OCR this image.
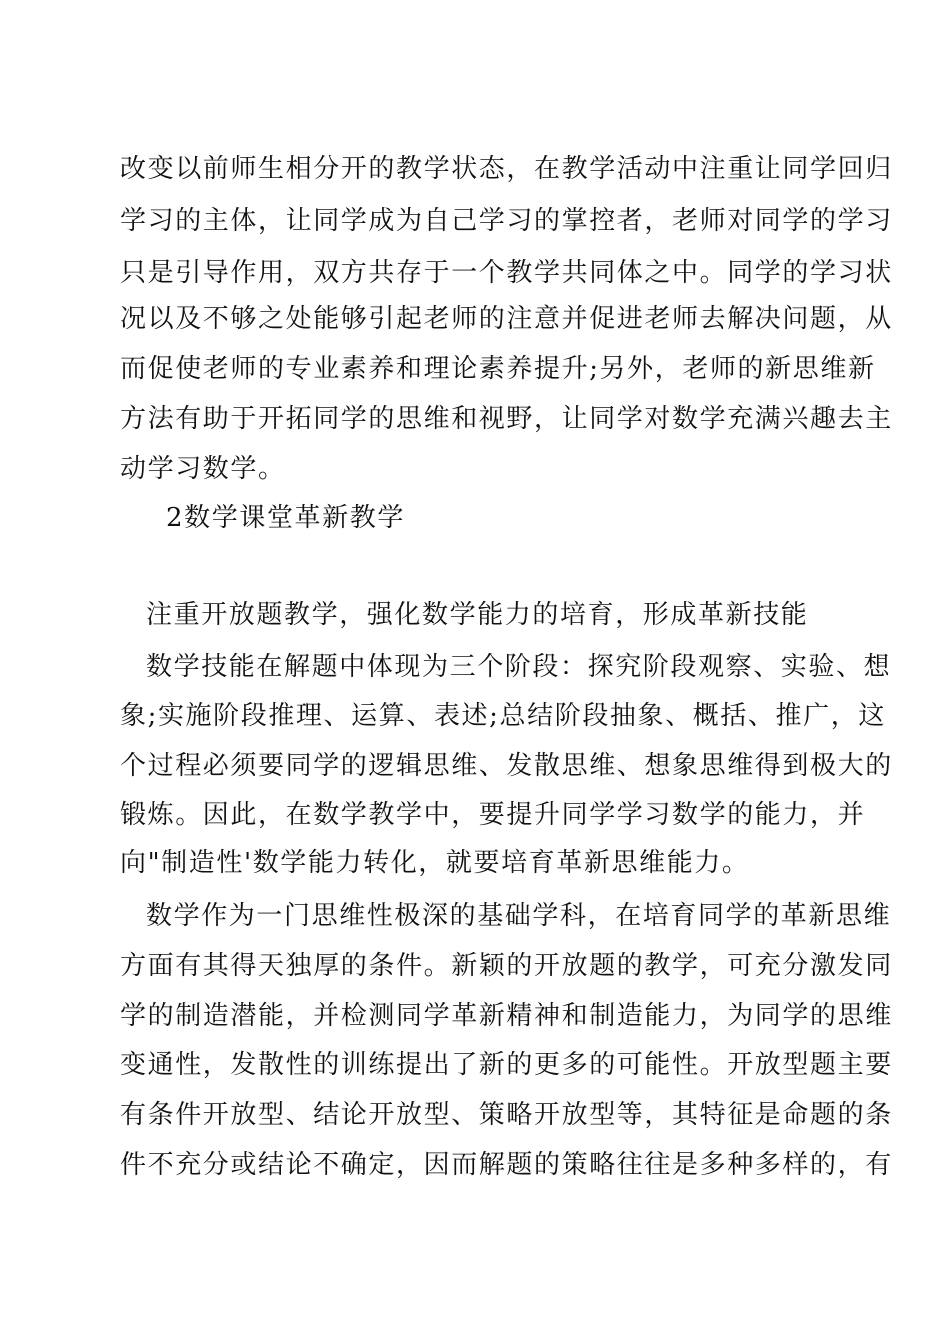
改变以前师生相分开的教学状态，在教学活动中注重让同学回归
学习的主体，让同学成为自己学习的掌控者，老师对同学的学习
只是引导作用，双方共存于一个教学共同体之中。同学的学习状
况以及不够之处能够引起老师的注意并促进老师去解决问题，从
而促使老师的专业素养和理论素养提升;另外，老师的新思维新
方法有助于开拓同学的思维和视野，让同学对数学充满兴趣去主
动学习数学。
2数学课堂革新教学
注重开放题教学，强化数学能力的培育，形成革新技能
数学技能在解题中体现为三个阶段：探究阶段观察、实验、想
象;实施阶段推理、运算、表述;总结阶段抽象、概括、推广，这
个过程必须要同学的逻辑思维、发散思维、想象思维得到极大的
锻炼。因此，在数学教学中，要提升同学学习数学的能力，并
向"制造性'数学能力转化，就要培育革新思维能力。
数学作为一门思维性极深的基础学科，在培育同学的革新思维
方面有其得天独厚的条件。新颖的开放题的教学，可充分激发同
学的制造潜能，并检测同学革新精神和制造能力，为同学的思维
变通性，发散性的训练提出了新的更多的可能性。开放型题主要
有条件开放型、结论开放型、策略开放型等，其特征是命题的条
件不充分或结论不确定，因而解题的策略往往是多种多样的，有
